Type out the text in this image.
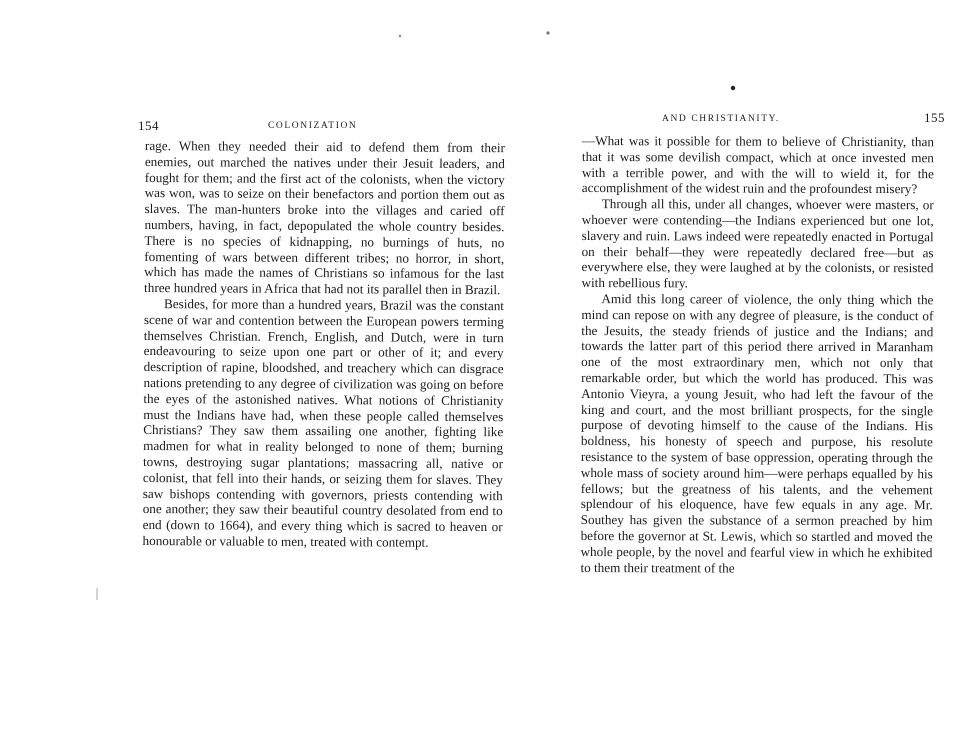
154	COLONIZATION

rage. When they needed their aid to defend them from their enemies, out marched the natives under their Jesuit leaders, and fought for them; and the first act of the colonists, when the victory was won, was to seize on their benefactors and portion them out as slaves. The man-hunters broke into the villages and caried off numbers, having, in fact, depopulated the whole country besides. There is no species of kidnapping, no burnings of huts, no fomenting of wars between different tribes; no horror, in short, which has made the names of Christians so infamous for the last three hundred years in Africa that had not its parallel then in Brazil.

Besides, for more than a hundred years, Brazil was the constant scene of war and contention between the European powers terming themselves Christian. French, English, and Dutch, were in turn endeavouring to seize upon one part or other of it; and every description of rapine, bloodshed, and treachery which can disgrace nations pretending to any degree of civilization was going on before the eyes of the astonished natives. What notions of Christianity must the Indians have had, when these people called themselves Christians? They saw them assailing one another, fighting like madmen for what in reality belonged to none of them; burning towns, destroying sugar plantations; massacring all, native or colonist, that fell into their hands, or seizing them for slaves. They saw bishops contending with governors, priests contending with one another; they saw their beautiful country desolated from end to end (down to 1664), and every thing which is sacred to heaven or honourable or valuable to men, treated with contempt.

AND CHRISTIANITY.	155

—What was it possible for them to believe of Christianity, than that it was some devilish compact, which at once invested men with a terrible power, and with the will to wield it, for the accomplishment of the widest ruin and the profoundest misery?

Through all this, under all changes, whoever were masters, or whoever were contending—the Indians experienced but one lot, slavery and ruin. Laws indeed were repeatedly enacted in Portugal on their behalf—they were repeatedly declared free—but as everywhere else, they were laughed at by the colonists, or resisted with rebellious fury.

Amid this long career of violence, the only thing which the mind can repose on with any degree of pleasure, is the conduct of the Jesuits, the steady friends of justice and the Indians; and towards the latter part of this period there arrived in Maranham one of the most extraordinary men, which not only that remarkable order, but which the world has produced. This was Antonio Vieyra, a young Jesuit, who had left the favour of the king and court, and the most brilliant prospects, for the single purpose of devoting himself to the cause of the Indians. His boldness, his honesty of speech and purpose, his resolute resistance to the system of base oppression, operating through the whole mass of society around him—were perhaps equalled by his fellows; but the greatness of his talents, and the vehement splendour of his eloquence, have few equals in any age. Mr. Southey has given the substance of a sermon preached by him before the governor at St. Lewis, which so startled and moved the whole people, by the novel and fearful view in which he exhibited to them their treatment of the
